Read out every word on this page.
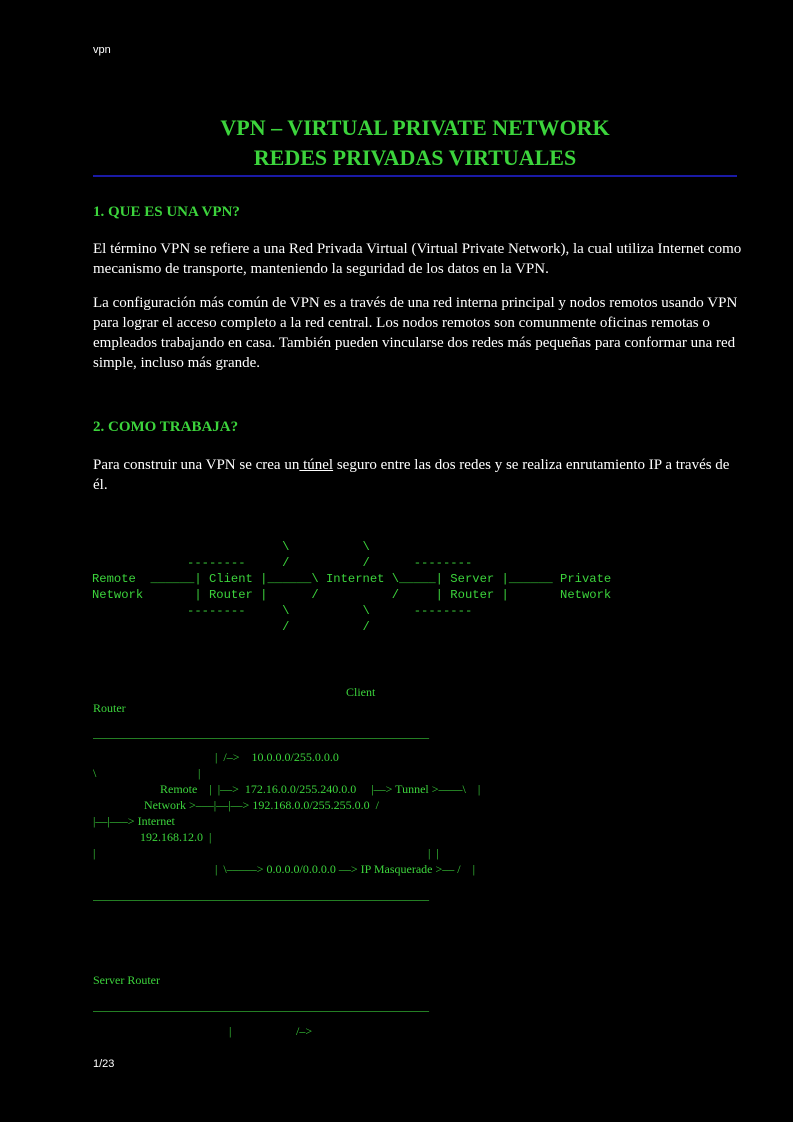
vpn
VPN – VIRTUAL PRIVATE NETWORK
REDES PRIVADAS VIRTUALES
1. QUE ES UNA VPN?

El término VPN se refiere a una Red Privada Virtual (Virtual Private Network), la cual utiliza Internet como mecanismo de transporte, manteniendo la seguridad de los datos en la VPN.

La configuración más común de VPN es a través de una red interna principal y nodos remotos usando VPN para lograr el acceso completo a la red central. Los nodos remotos son comunmente oficinas remotas o empleados trabajando en casa. También pueden vincularse dos redes más pequeñas para conformar una red simple, incluso más grande.

2. COMO TRABAJA?

Para construir una VPN se crea un túnel seguro entre las dos redes y se realiza enrutamiento IP a través de él.

\          \
--------     /          /      --------
Remote  ______| Client |______\ Internet \_____| Server |______ Private
Network       | Router |      /          /     | Router |       Network
--------     \          \      --------
/          /
Client
Router
________________________________________________________
|  /–>    10.0.0.0/255.0.0.0
\	|
Remote    |  |––>  172.16.0.0/255.240.0.0     |––> Tunnel >––––\    |
Network >–––|––|––> 192.168.0.0/255.255.0.0  /
|––|–––> Internet
192.168.12.0  |
|	|  |
|  \–––––> 0.0.0.0/0.0.0.0 ––> IP Masquerade >–– /    |
________________________________________________________
Server Router
________________________________________________________
|	/–>
1/23
